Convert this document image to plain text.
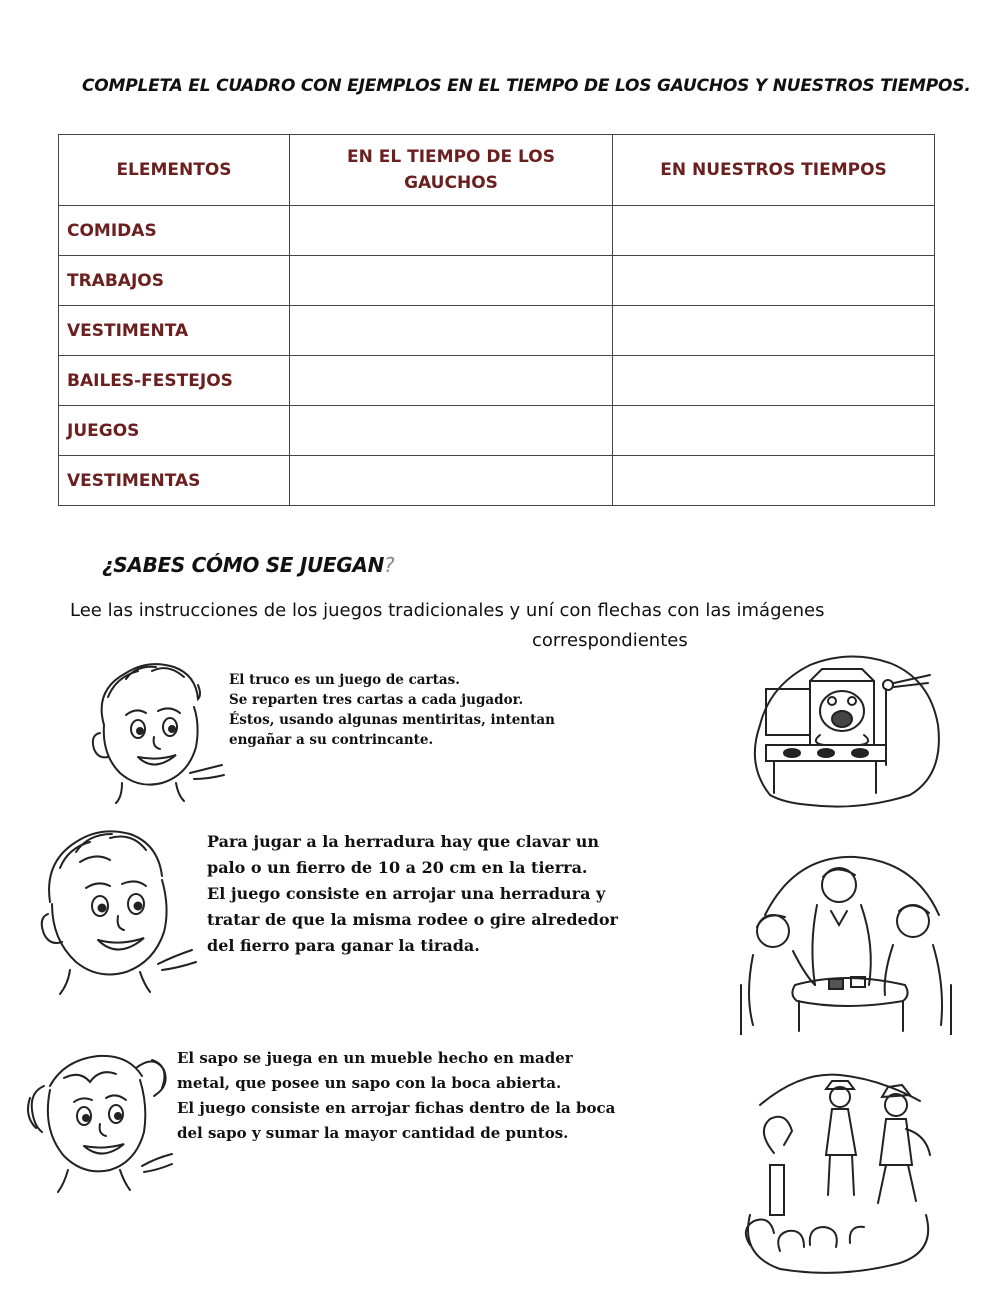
COMPLETA EL CUADRO CON EJEMPLOS EN EL TIEMPO DE LOS GAUCHOS Y NUESTROS TIEMPOS.
ELEMENTOS	EN EL TIEMPO DE LOS GAUCHOS	EN NUESTROS TIEMPOS
COMIDAS		
TRABAJOS		
VESTIMENTA		
BAILES-FESTEJOS		
JUEGOS		
VESTIMENTAS		
¿SABES CÓMO SE JUEGAN?
Lee las instrucciones de los juegos tradicionales y uní con flechas con las imágenes
correspondientes

El truco es un juego de cartas.

Se reparten tres cartas a cada jugador.

Éstos, usando algunas mentiritas, intentan

engañar a su contrincante.

Para jugar a la herradura hay que clavar un

palo o un fierro de 10 a 20 cm en la tierra.

El juego consiste en arrojar una herradura y

tratar de que la misma rodee o gire alrededor

del fierro para ganar la tirada.

El sapo se juega en un mueble hecho en mader

metal, que posee un sapo con la boca abierta.

El juego consiste en arrojar fichas dentro de la boca

del sapo y sumar la mayor cantidad de puntos.
